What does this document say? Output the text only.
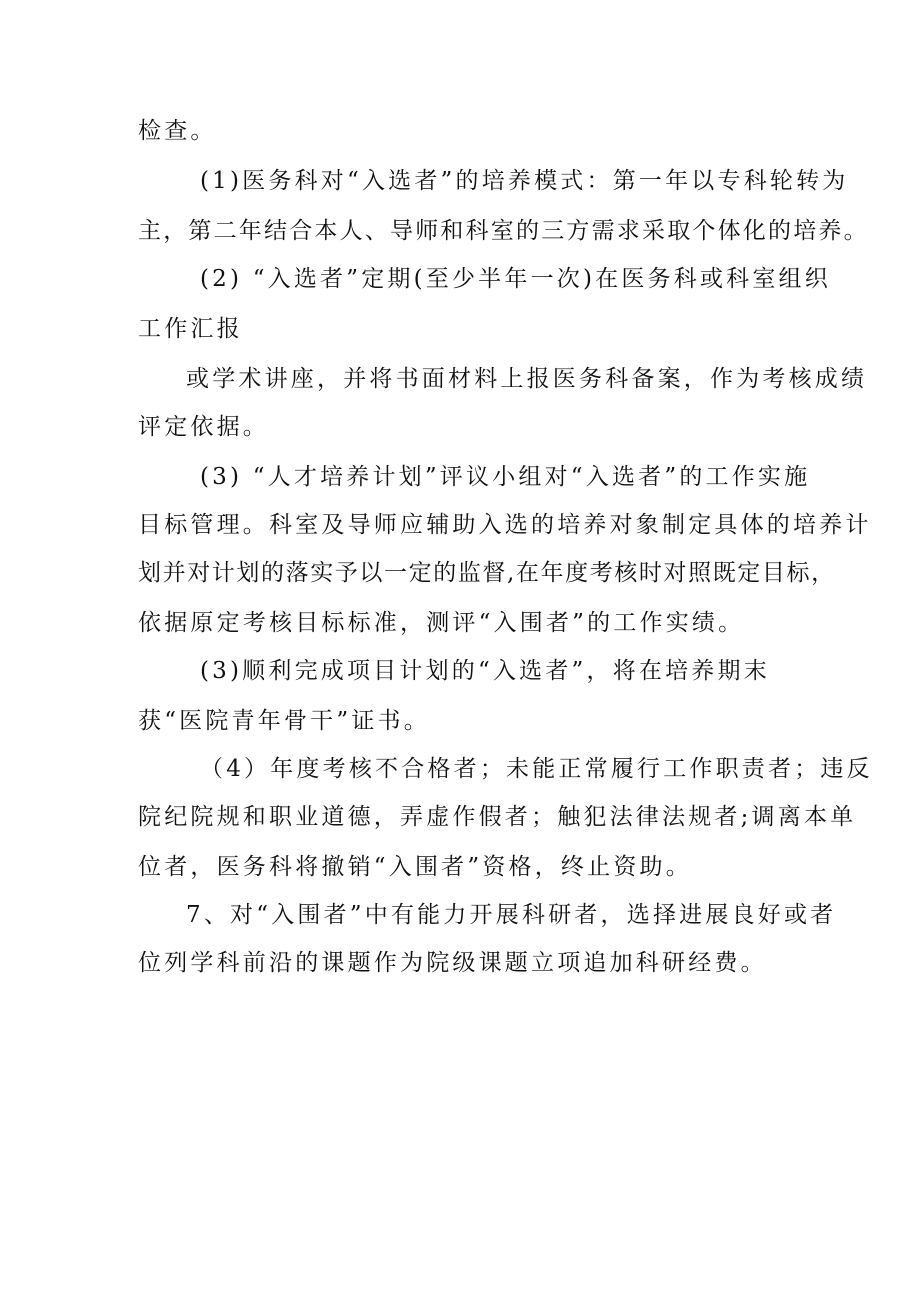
检查。

(1)医务科对“入选者”的培养模式：第一年以专科轮转为

主，第二年结合本人、导师和科室的三方需求采取个体化的培养。

(2) “入选者”定期(至少半年一次)在医务科或科室组织

工作汇报

或学术讲座，并将书面材料上报医务科备案，作为考核成绩

评定依据。

(3) “人才培养计划”评议小组对“入选者”的工作实施

目标管理。科室及导师应辅助入选的培养对象制定具体的培养计

划并对计划的落实予以一定的监督,在年度考核时对照既定目标，

依据原定考核目标标准，测评“入围者”的工作实绩。

(3)顺利完成项目计划的“入选者”，将在培养期末

获“医院青年骨干”证书。

（4）年度考核不合格者；未能正常履行工作职责者；违反

院纪院规和职业道德，弄虚作假者；触犯法律法规者;调离本单

位者，医务科将撤销“入围者”资格，终止资助。

7、对“入围者”中有能力开展科研者，选择进展良好或者

位列学科前沿的课题作为院级课题立项追加科研经费。
